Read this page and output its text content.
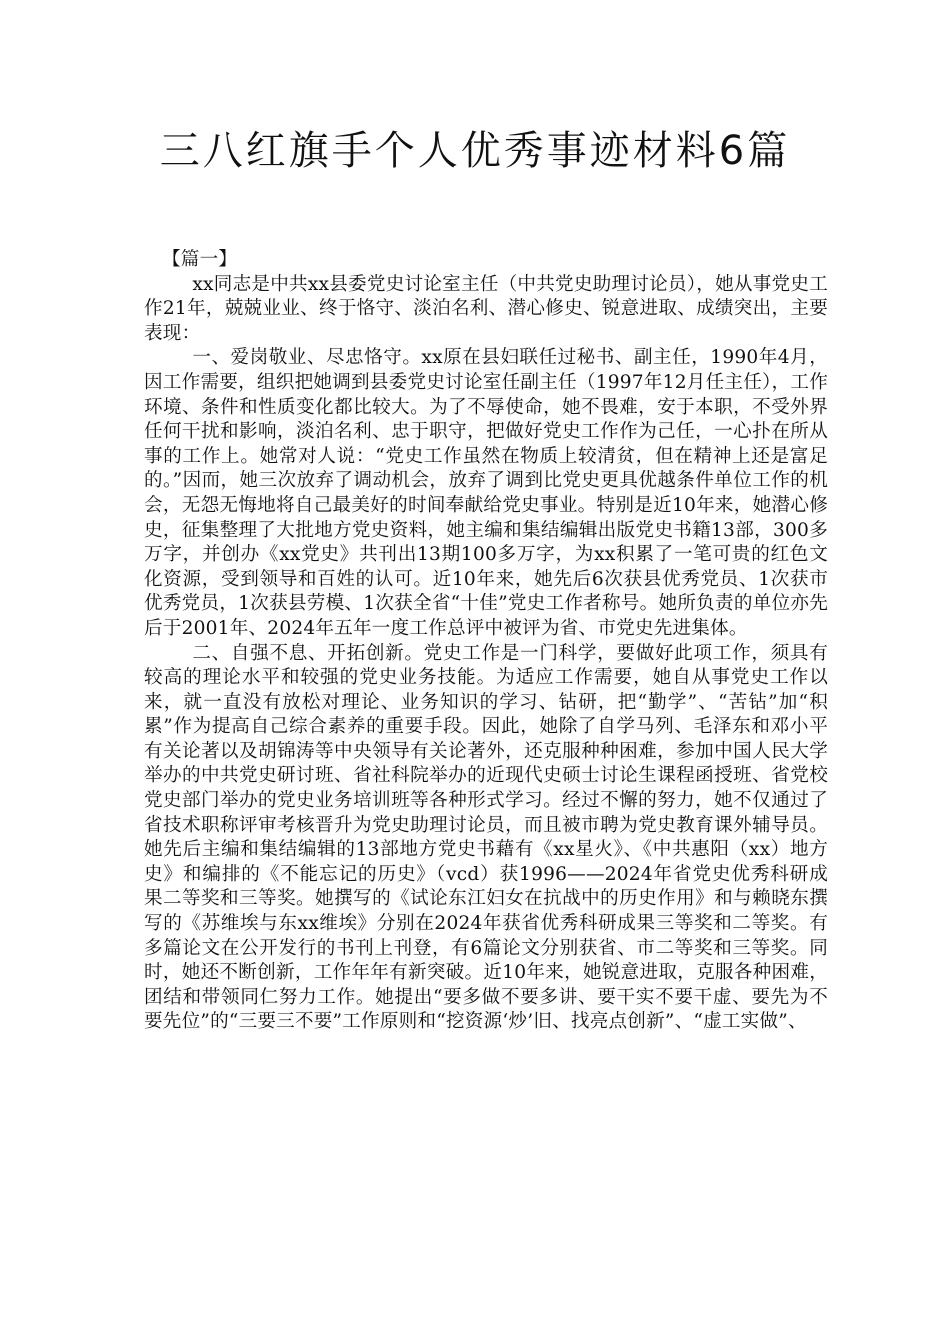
三八红旗手个人优秀事迹材料6篇

【篇一】

xx同志是中共xx县委党史讨论室主任（中共党史助理讨论员），她从事党史工作21年，兢兢业业、终于恪守、淡泊名利、潜心修史、锐意进取、成绩突出，主要表现：

一、爱岗敬业、尽忠恪守。xx原在县妇联任过秘书、副主任，1990年4月，因工作需要，组织把她调到县委党史讨论室任副主任（1997年12月任主任），工作环境、条件和性质变化都比较大。为了不辱使命，她不畏难，安于本职，不受外界任何干扰和影响，淡泊名利、忠于职守，把做好党史工作作为己任，一心扑在所从事的工作上。她常对人说：“党史工作虽然在物质上较清贫，但在精神上还是富足的。”因而，她三次放弃了调动机会，放弃了调到比党史更具优越条件单位工作的机会，无怨无悔地将自己最美好的时间奉献给党史事业。特别是近10年来，她潜心修史，征集整理了大批地方党史资料，她主编和集结编辑出版党史书籍13部，300多万字，并创办《xx党史》共刊出13期100多万字，为xx积累了一笔可贵的红色文化资源，受到领导和百姓的认可。近10年来，她先后6次获县优秀党员、1次获市优秀党员，1次获县劳模、1次获全省“十佳”党史工作者称号。她所负责的单位亦先后于2001年、2024年五年一度工作总评中被评为省、市党史先进集体。

二、自强不息、开拓创新。党史工作是一门科学，要做好此项工作，须具有较高的理论水平和较强的党史业务技能。为适应工作需要，她自从事党史工作以来，就一直没有放松对理论、业务知识的学习、钻研，把“勤学”、“苦钻”加“积累”作为提高自己综合素养的重要手段。因此，她除了自学马列、毛泽东和邓小平有关论著以及胡锦涛等中央领导有关论著外，还克服种种困难，参加中国人民大学举办的中共党史研讨班、省社科院举办的近现代史硕士讨论生课程函授班、省党校党史部门举办的党史业务培训班等各种形式学习。经过不懈的努力，她不仅通过了省技术职称评审考核晋升为党史助理讨论员，而且被市聘为党史教育课外辅导员。她先后主编和集结编辑的13部地方党史书藉有《xx星火》、《中共惠阳（xx）地方史》和编排的《不能忘记的历史》（vcd）获1996——2024年省党史优秀科研成果二等奖和三等奖。她撰写的《试论东江妇女在抗战中的历史作用》和与赖晓东撰写的《苏维埃与东xx维埃》分别在2024年获省优秀科研成果三等奖和二等奖。有多篇论文在公开发行的书刊上刊登，有6篇论文分别获省、市二等奖和三等奖。同时，她还不断创新，工作年年有新突破。近10年来，她锐意进取，克服各种困难，团结和带领同仁努力工作。她提出“要多做不要多讲、要干实不要干虚、要先为不要先位”的“三要三不要”工作原则和“挖资源‘炒’旧、找亮点创新”、“虚工实做”、
